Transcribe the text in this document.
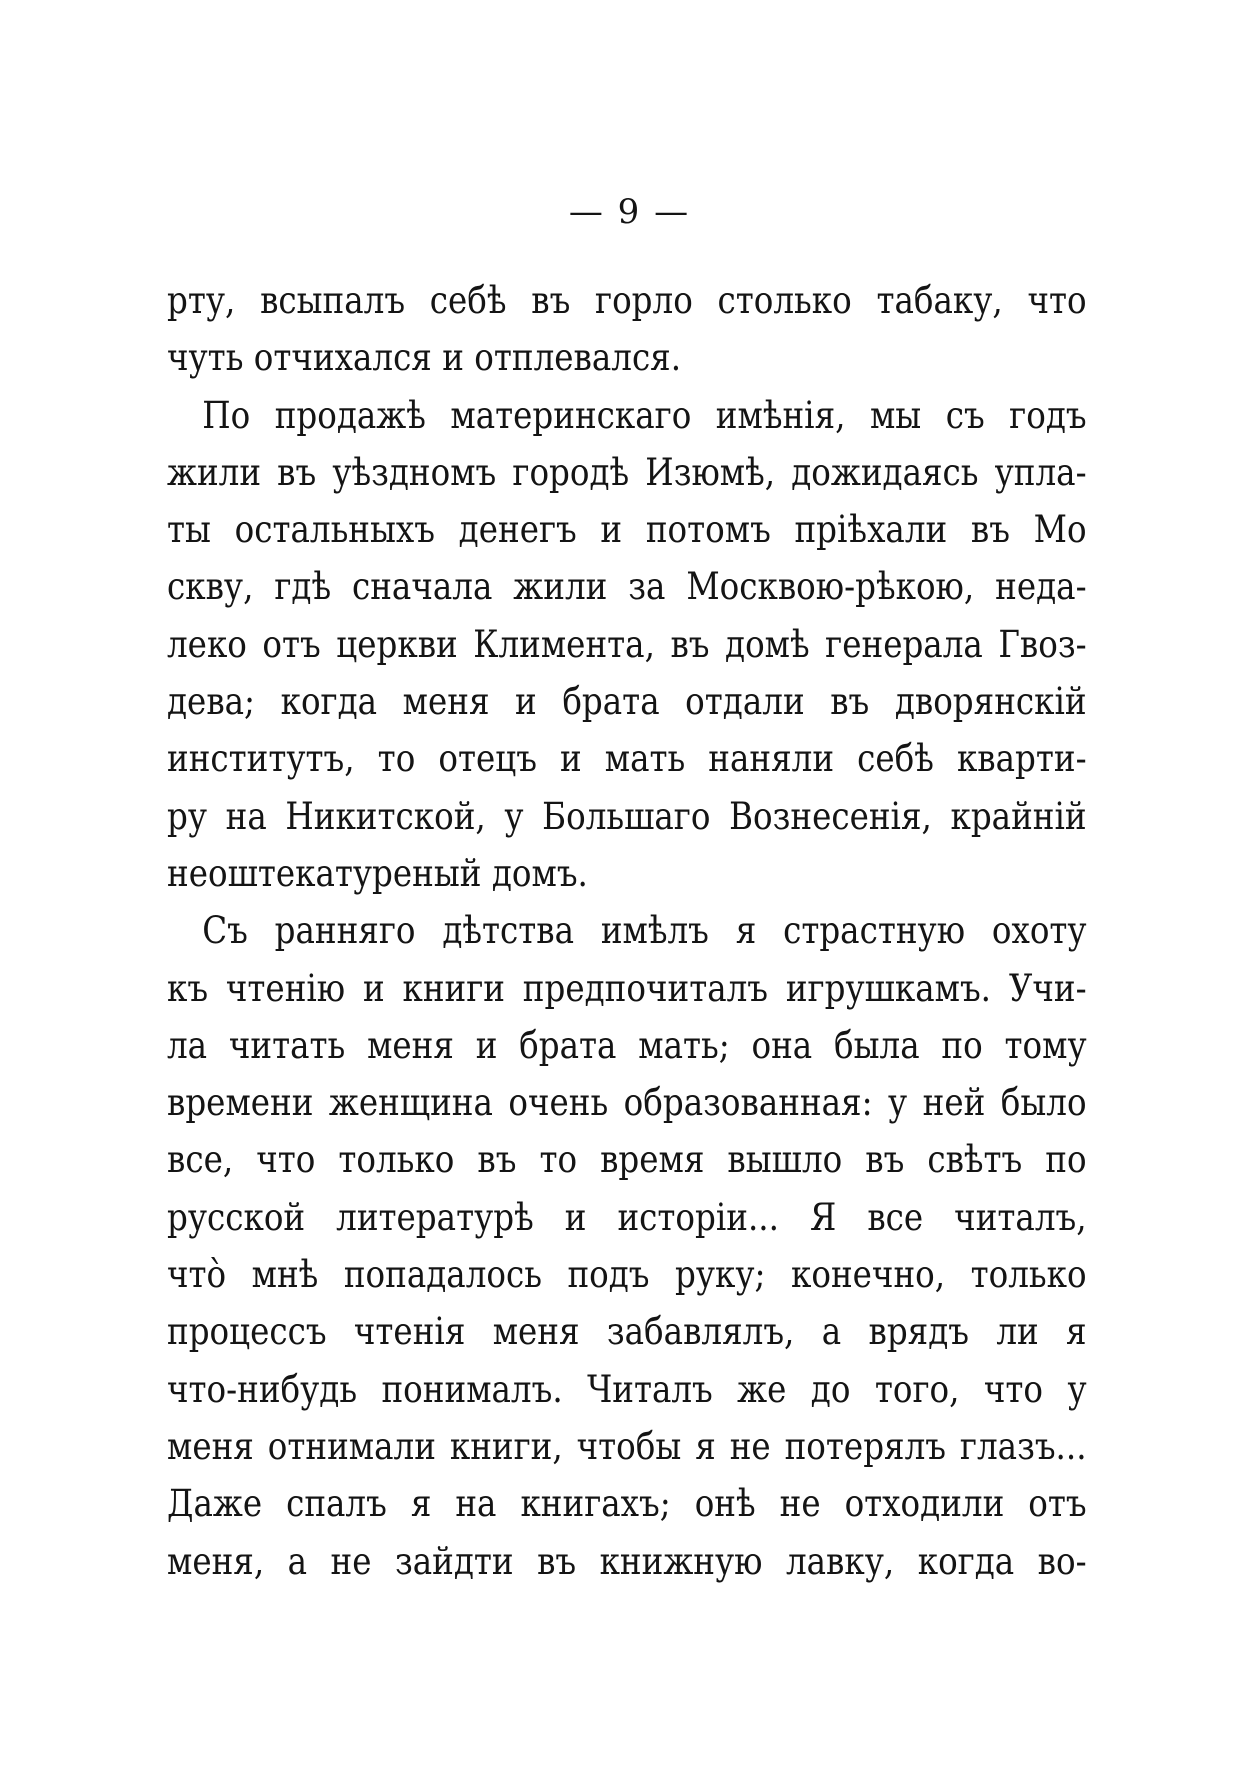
— 9 —
рту, всыпалъ себѣ въ горло столько табаку, что
чуть отчихался и отплевался.
По продажѣ материнскаго имѣнія, мы съ годъ
жили въ уѣздномъ городѣ Изюмѣ, дожидаясь упла-
ты остальныхъ денегъ и потомъ пріѣхали въ Мо
скву, гдѣ сначала жили за Москвою-рѣкою, неда-
леко отъ церкви Климента, въ домѣ генерала Гвоз-
дева; когда меня и брата отдали въ дворянскій
институтъ, то отецъ и мать наняли себѣ кварти-
ру на Никитской, у Большаго Вознесенія, крайній
неоштекатуреный домъ.
Съ ранняго дѣтства имѣлъ я страстную охоту
къ чтенію и книги предпочиталъ игрушкамъ. Учи-
ла читать меня и брата мать; она была по тому
времени женщина очень образованная: у ней было
все, что только въ то время вышло въ свѣтъ по
русской литературѣ и исторіи... Я все читалъ,
что̀ мнѣ попадалось подъ руку; конечно, только
процессъ чтенія меня забавлялъ, а врядъ ли я
что-нибудь понималъ. Читалъ же до того, что у
меня отнимали книги, чтобы я не потерялъ глазъ...
Даже спалъ я на книгахъ; онѣ не отходили отъ
меня, а не зайдти въ книжную лавку, когда во-
